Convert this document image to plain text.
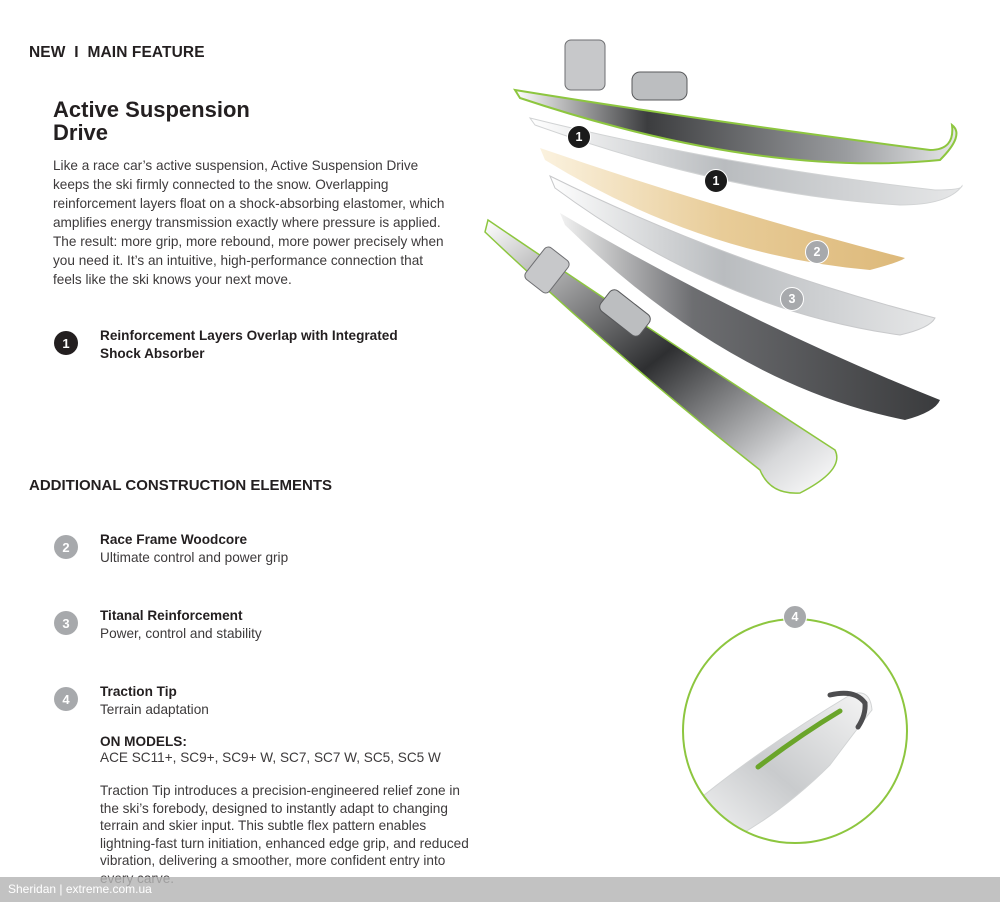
NEW  I  MAIN FEATURE
Active Suspension
Drive
Like a race car’s active suspension, Active Suspension Drive keeps the ski firmly connected to the snow. Overlapping reinforcement layers float on a shock-absorbing elastomer, which amplifies energy transmission exactly where pressure is applied. The result: more grip, more rebound, more power precisely when you need it. It’s an intuitive, high-performance connection that feels like the ski knows your next move.
1	Reinforcement Layers Overlap with Integrated
Shock Absorber
ADDITIONAL CONSTRUCTION ELEMENTS
2	Race Frame Woodcore
Ultimate control and power grip
3	Titanal Reinforcement
Power, control and stability
4	Traction Tip
Terrain adaptation
ON MODELS:
ACE SC11+, SC9+, SC9+ W, SC7, SC7 W, SC5, SC5 W
Traction Tip introduces a precision-engineered relief zone in the ski’s forebody, designed to instantly adapt to changing terrain and skier input. This subtle flex pattern enables lightning-fast turn initiation, enhanced edge grip, and reduced vibration, delivering a smoother, more confident entry into
1
1
2
3
4
Sheridan | extreme.com.ua
